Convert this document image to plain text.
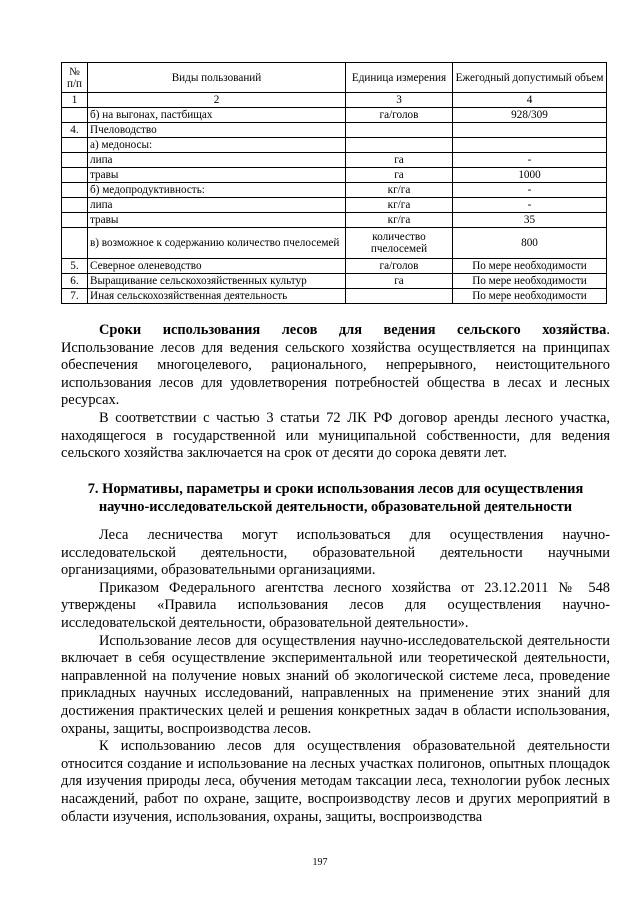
№ п/п	Виды пользований	Единица измерения	Ежегодный допустимый объем
1	2	3	4
	б) на выгонах, пастбищах	га/голов	928/309
4.	Пчеловодство		
	а) медоносы:		
	липа	га	-
	травы	га	1000
	б) медопродуктивность:	кг/га	-
	липа	кг/га	-
	травы	кг/га	35
	в) возможное к содержанию количество пчелосемей	количество пчелосемей	800
5.	Северное оленеводство	га/голов	По мере необходимости
6.	Выращивание сельскохозяйственных культур	га	По мере необходимости
7.	Иная сельскохозяйственная деятельность		По мере необходимости

Сроки использования лесов для ведения сельского хозяйства. Использование лесов для ведения сельского хозяйства осуществляется на принципах обеспечения многоцелевого, рационального, непрерывного, неистощительного использования лесов для удовлетворения потребностей общества в лесах и лесных ресурсах.

В соответствии с частью 3 статьи 72 ЛК РФ договор аренды лесного участка, находящегося в государственной или муниципальной собственности, для ведения сельского хозяйства заключается на срок от десяти до сорока девяти лет.

7. Нормативы, параметры и сроки использования лесов для осуществления
научно-исследовательской деятельности, образовательной деятельности

Леса лесничества могут использоваться для осуществления научно-исследовательской деятельности, образовательной деятельности научными организациями, образовательными организациями.

Приказом Федерального агентства лесного хозяйства от 23.12.2011 № 548 утверждены «Правила использования лесов для осуществления научно-исследовательской деятельности, образовательной деятельности».

Использование лесов для осуществления научно-исследовательской деятельности включает в себя осуществление экспериментальной или теоретической деятельности, направленной на получение новых знаний об экологической системе леса, проведение прикладных научных исследований, направленных на применение этих знаний для достижения практических целей и решения конкретных задач в области использования, охраны, защиты, воспроизводства лесов.

К использованию лесов для осуществления образовательной деятельности относится создание и использование на лесных участках полигонов, опытных площадок для изучения природы леса, обучения методам таксации леса, технологии рубок лесных насаждений, работ по охране, защите, воспроизводству лесов и других мероприятий в области изучения, использования, охраны, защиты, воспроизводства

197
